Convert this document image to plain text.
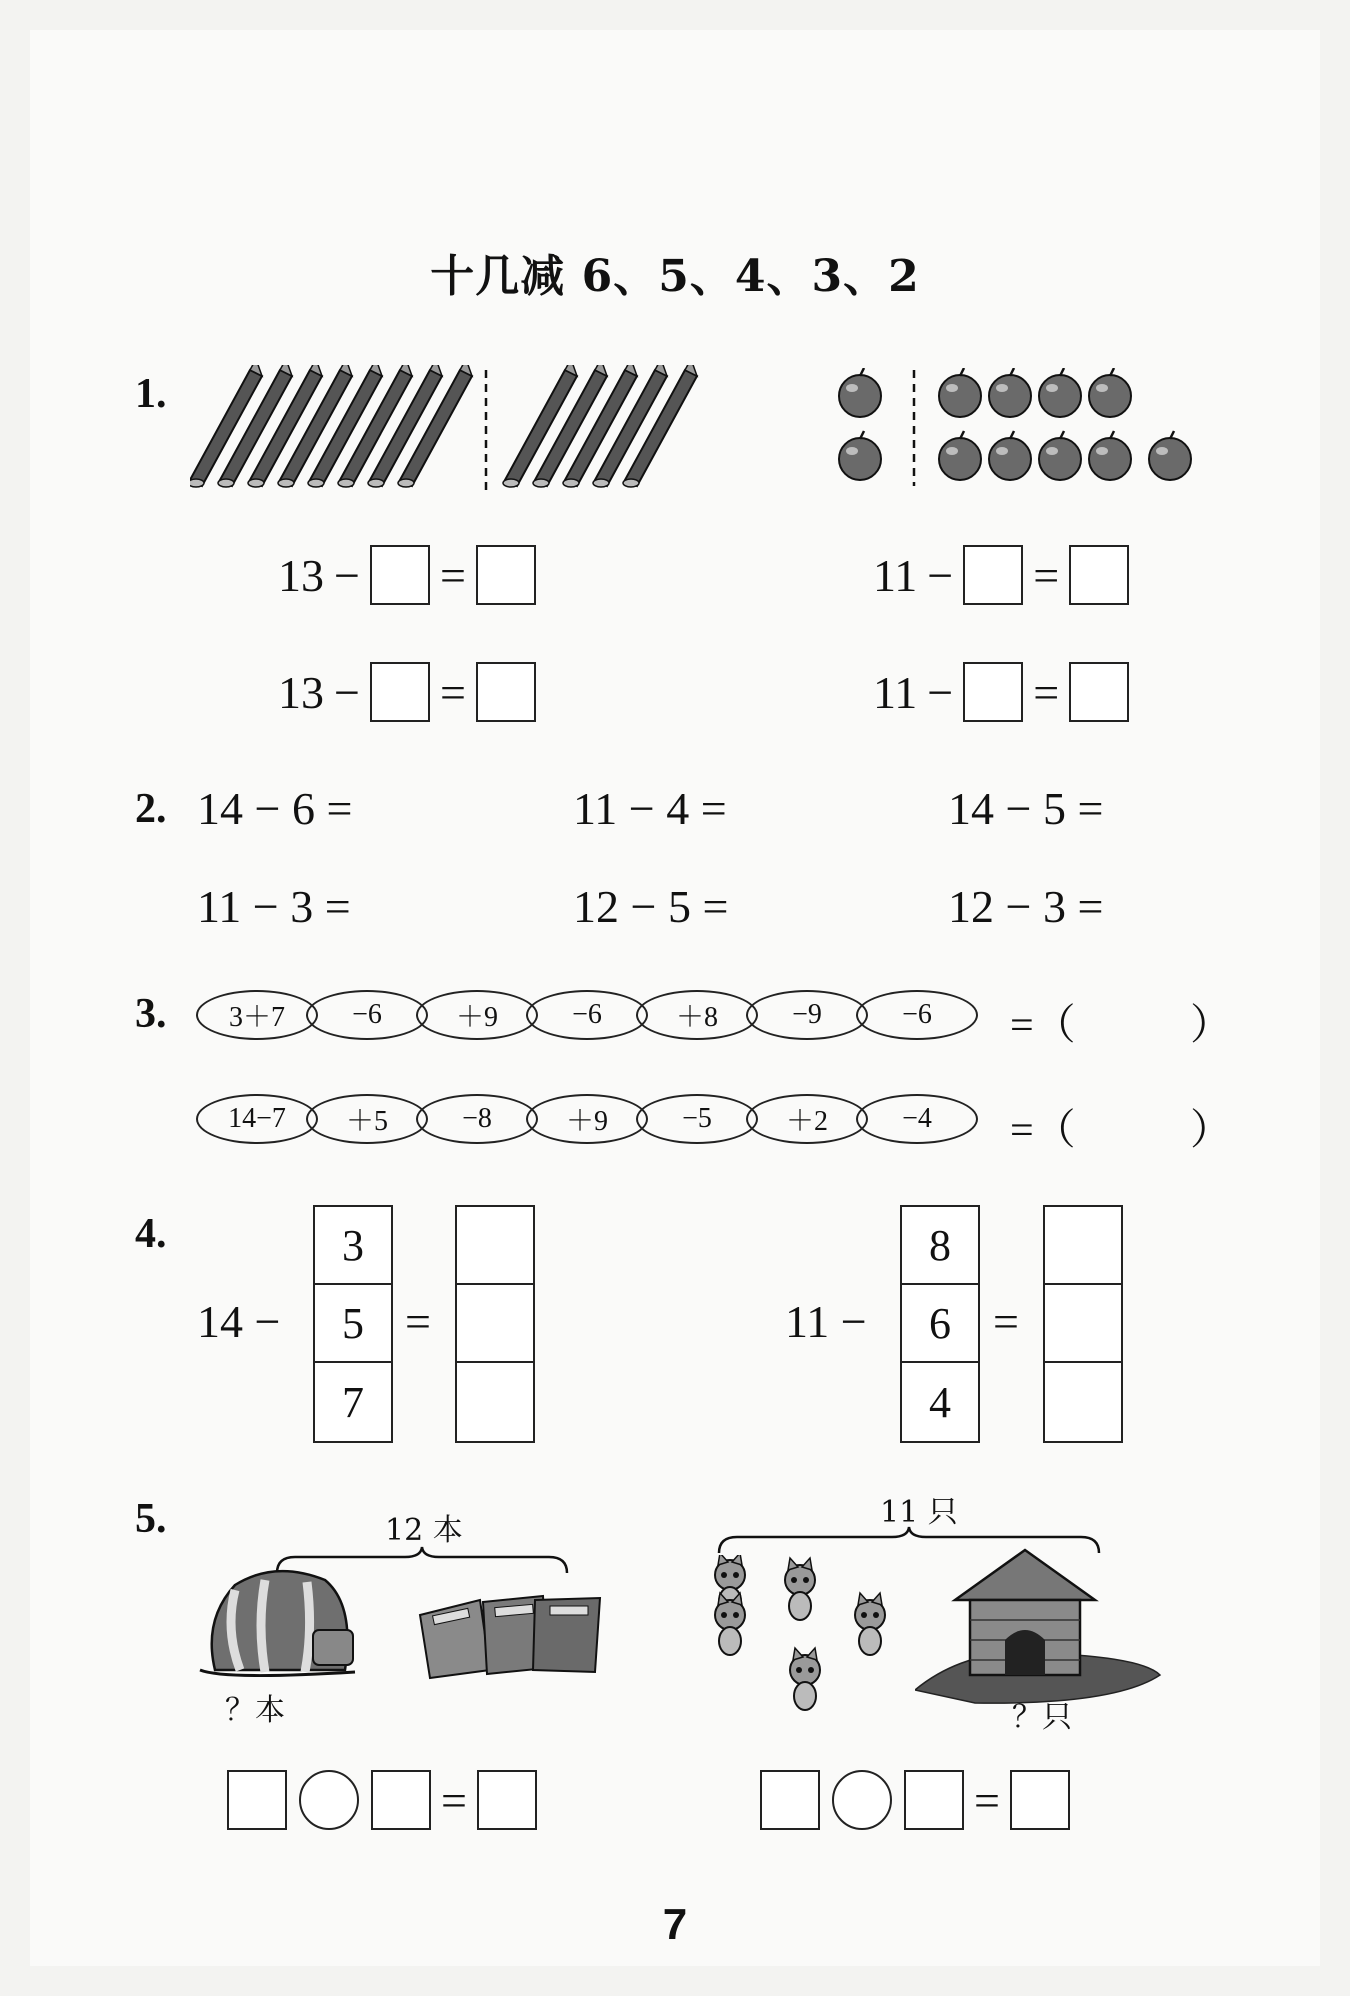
十几减 6、5、4、3、2
1.
13 − =
13 − =
11 − =
11 − =
2. 14 − 6 =	11 − 4 =	14 − 5 =
11 − 3 =	12 − 5 =	12 − 3 =
3.	3＋7	−6	＋9	−6	＋8	−9	−6	=（	）
14−7	＋5	−8	＋9	−5	＋2	−4	=（	）
4.
14 −
3
5
7
=	11 −
8
6
4
=
5.	12 本
？本
11 只
？只
=	=
7
